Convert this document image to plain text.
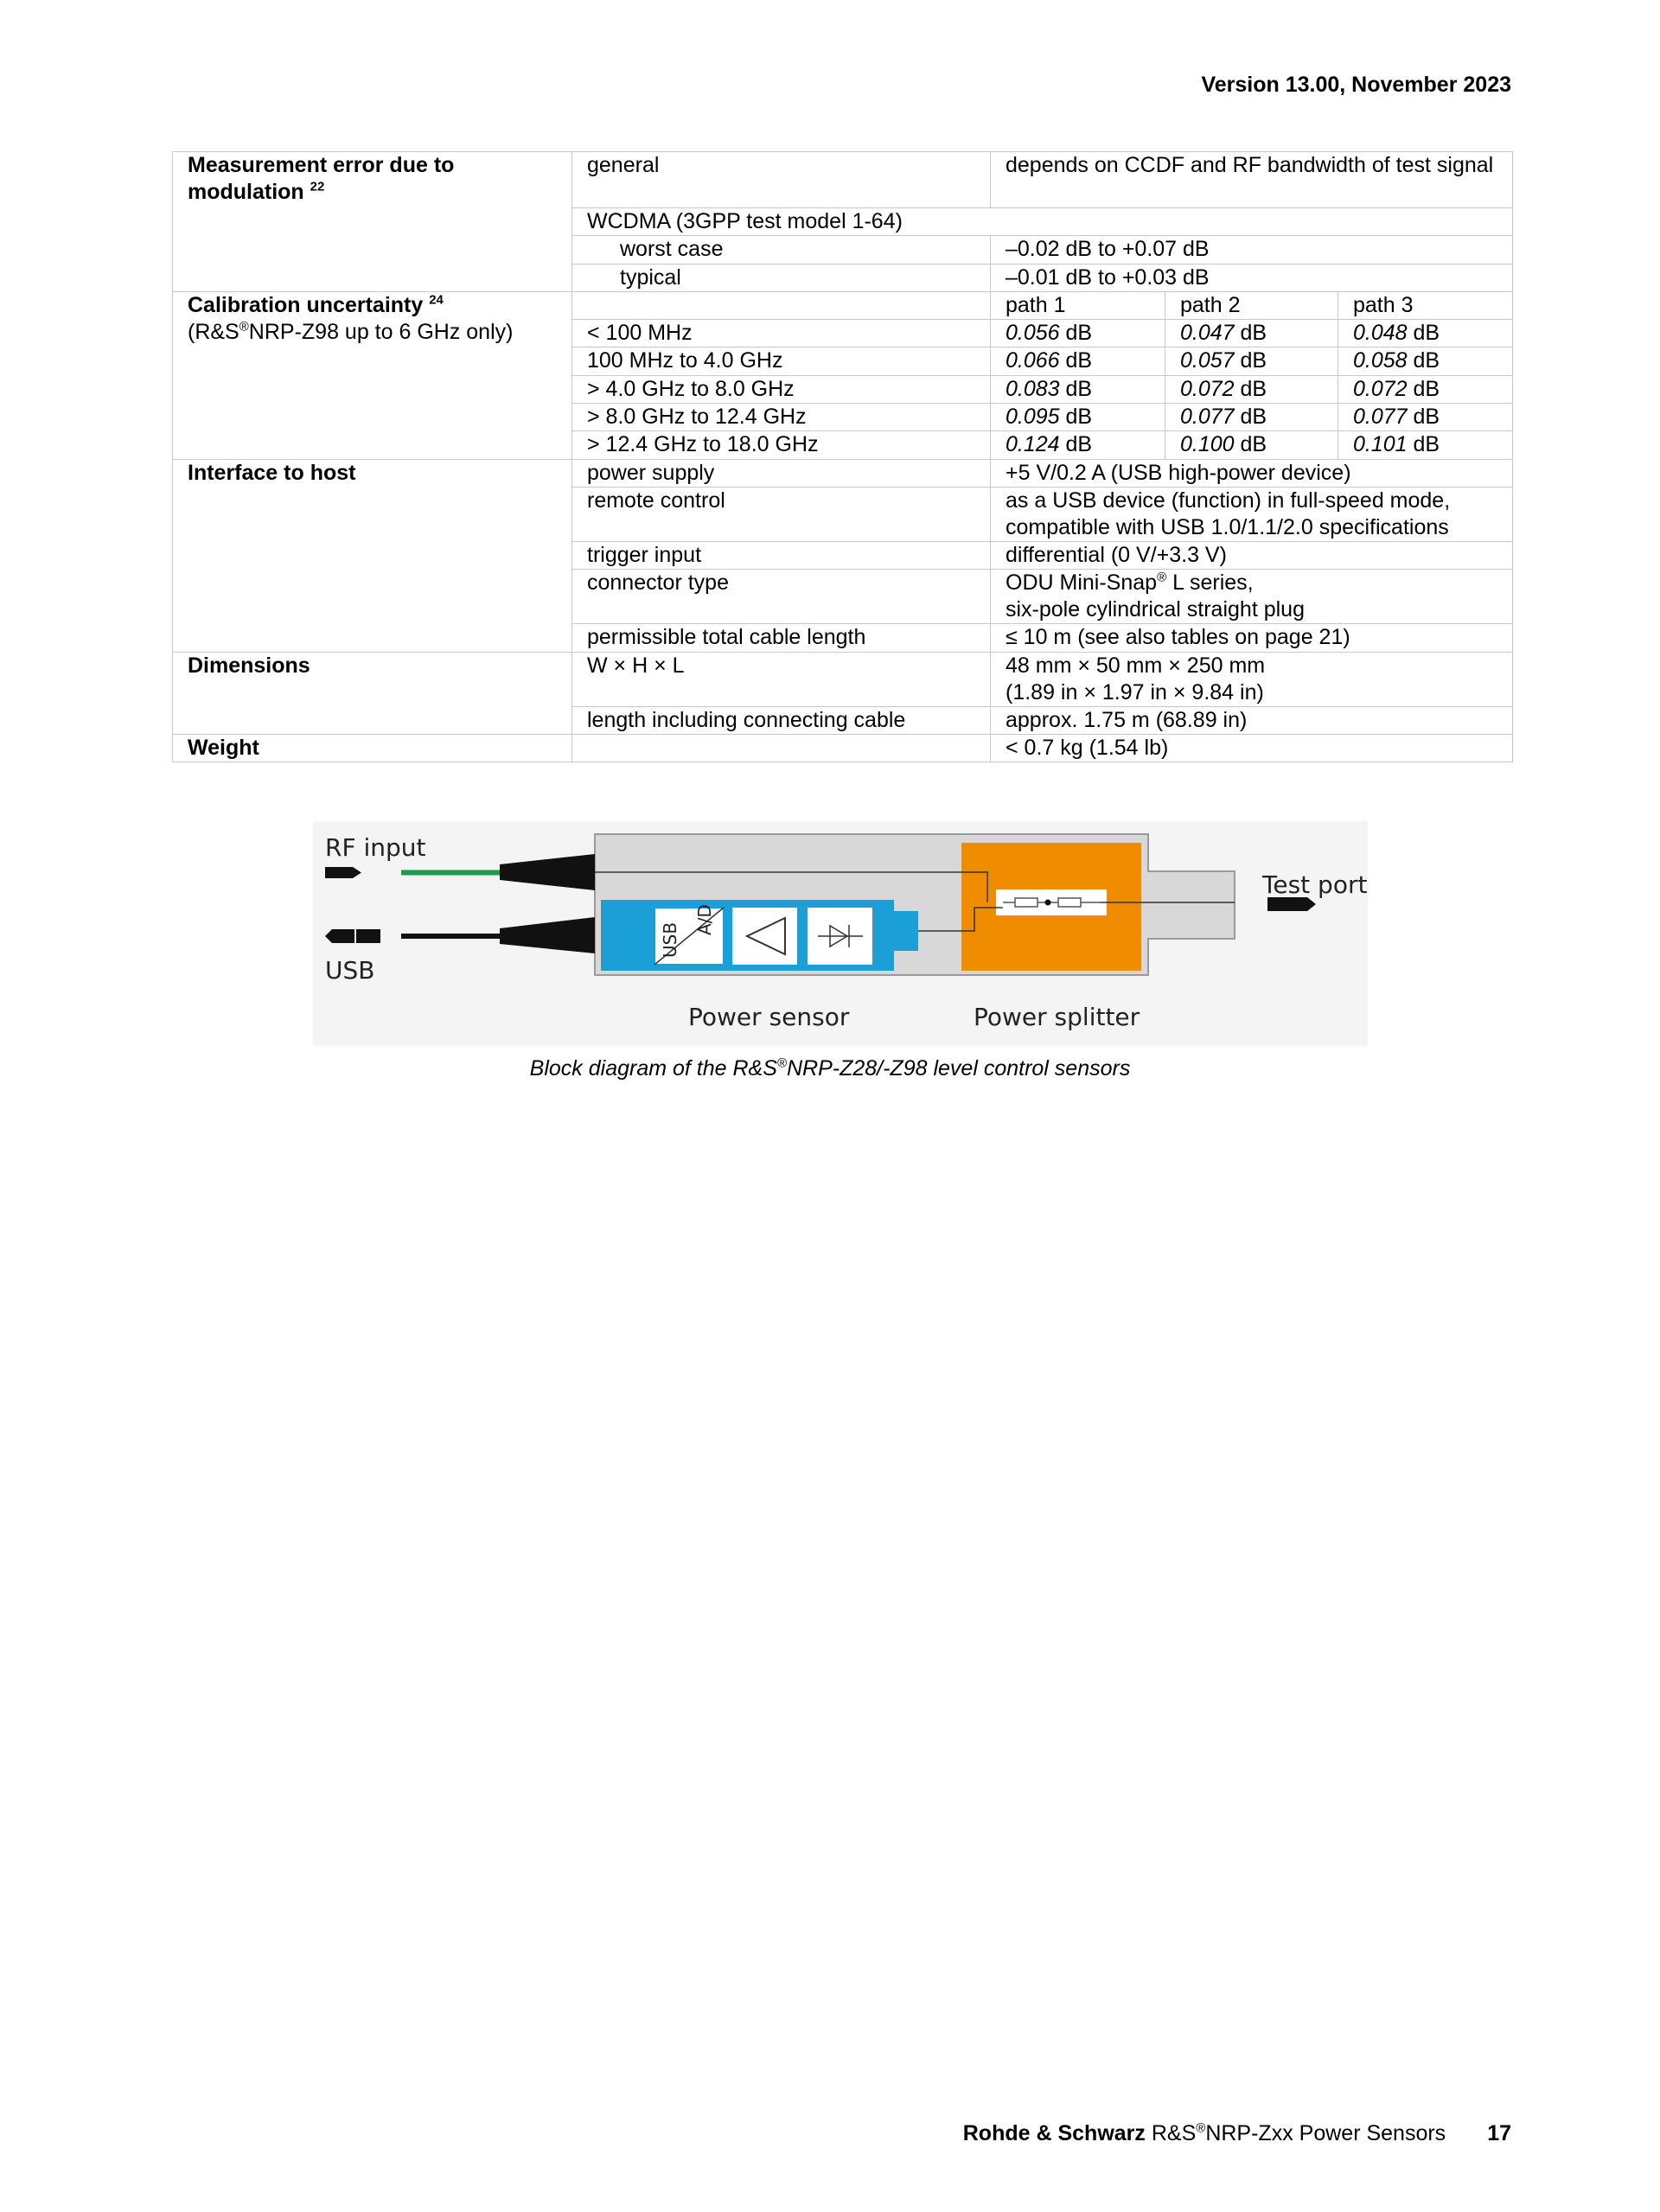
Version 13.00, November 2023
Measurement error due to modulation $^{22}$	general	depends on CCDF and RF bandwidth of test signal		
	WCDMA (3GPP test model 1-64)			
	worst case	–0.02 dB to +0.07 dB		
	typical	–0.01 dB to +0.03 dB		
Calibration uncertainty $^{24}$
(R&S®NRP-Z98 up to 6 GHz only)		path 1	path 2	path 3
	< 100 MHz	0.056 dB	0.047 dB	0.048 dB
	100 MHz to 4.0 GHz	0.066 dB	0.057 dB	0.058 dB
	> 4.0 GHz to 8.0 GHz	0.083 dB	0.072 dB	0.072 dB
	> 8.0 GHz to 12.4 GHz	0.095 dB	0.077 dB	0.077 dB
	> 12.4 GHz to 18.0 GHz	0.124 dB	0.100 dB	0.101 dB
Interface to host	power supply	+5 V/0.2 A (USB high-power device)		
	remote control	as a USB device (function) in full-speed mode,
compatible with USB 1.0/1.1/2.0 specifications		
	trigger input	differential (0 V/+3.3 V)		
	connector type	ODU Mini-Snap® L series,
six-pole cylindrical straight plug		
	permissible total cable length	≤ 10 m (see also tables on page 21)		
Dimensions	W × H × L	48 mm × 50 mm × 250 mm
(1.89 in × 1.97 in × 9.84 in)		
	length including connecting cable	approx. 1.75 m (68.89 in)		
Weight		< 0.7 kg (1.54 lb)		
USB
A/D
RF input
USB
Test port
Power sensor	Power splitter
Block diagram of the R&S®NRP-Z28/-Z98 level control sensors
Rohde & Schwarz R&S®NRP-Zxx Power Sensors 17
